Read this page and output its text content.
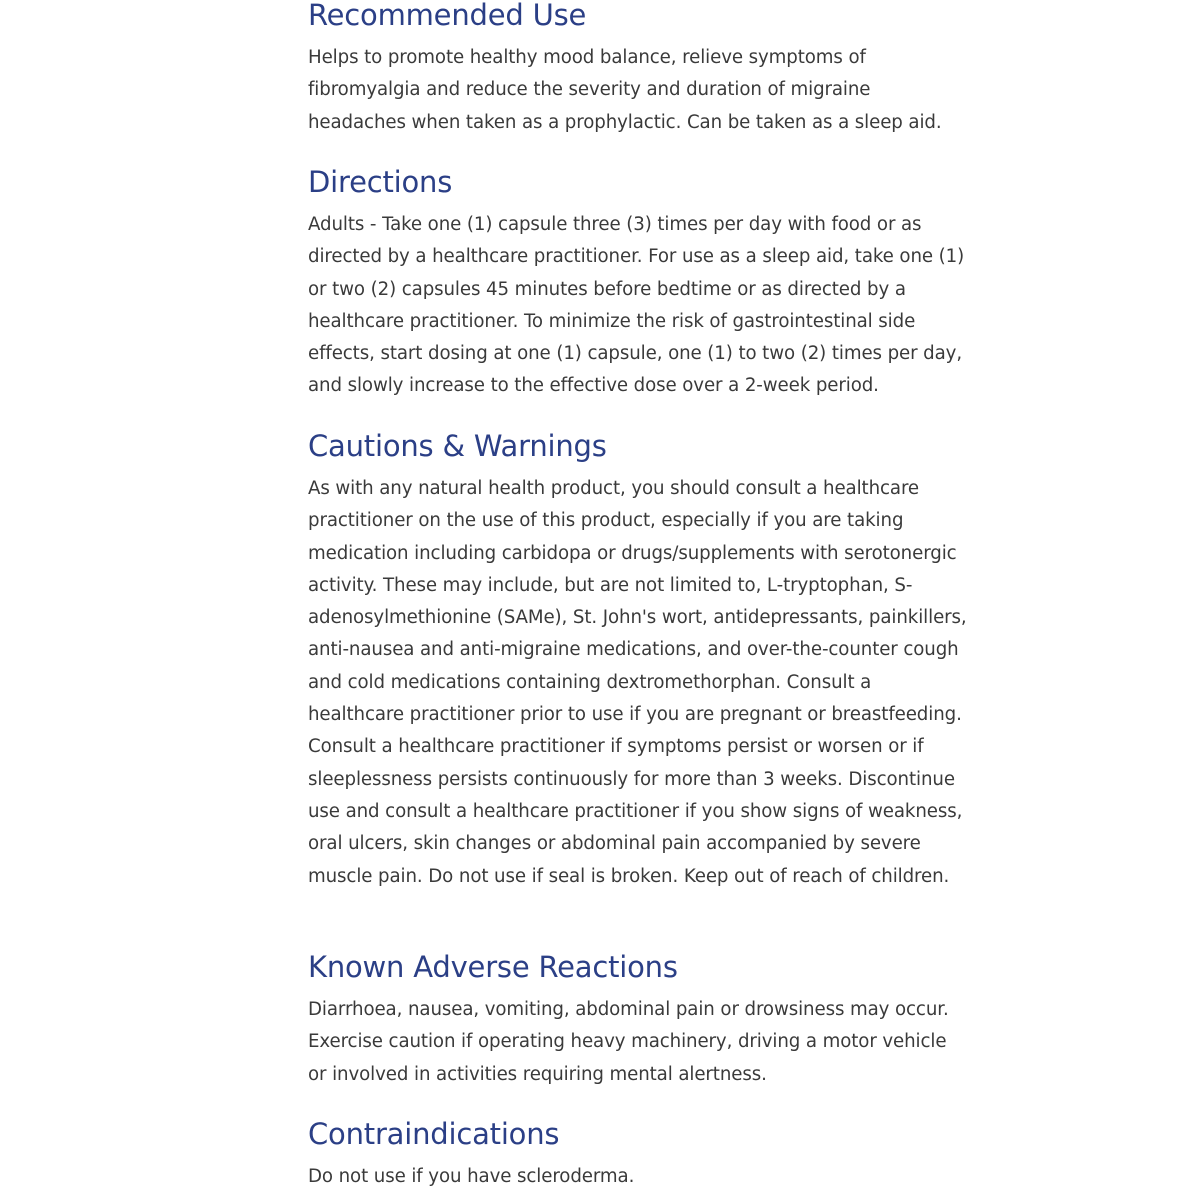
Recommended Use

Helps to promote healthy mood balance, relieve symptoms of fibromyalgia and reduce the severity and duration of migraine headaches when taken as a prophylactic. Can be taken as a sleep aid.

Directions

Adults - Take one (1) capsule three (3) times per day with food or as directed by a healthcare practitioner. For use as a sleep aid, take one (1) or two (2) capsules 45 minutes before bedtime or as directed by a healthcare practitioner. To minimize the risk of gastrointestinal side effects, start dosing at one (1) capsule, one (1) to two (2) times per day, and slowly increase to the effective dose over a 2-week period.

Cautions & Warnings

As with any natural health product, you should consult a healthcare practitioner on the use of this product, especially if you are taking medication including carbidopa or drugs/supplements with serotonergic activity. These may include, but are not limited to, L-tryptophan, S-adenosylmethionine (SAMe), St. John's wort, antidepressants, painkillers, anti-nausea and anti-migraine medications, and over-the-counter cough and cold medications containing dextromethorphan. Consult a healthcare practitioner prior to use if you are pregnant or breastfeeding. Consult a healthcare practitioner if symptoms persist or worsen or if sleeplessness persists continuously for more than 3 weeks. Discontinue use and consult a healthcare practitioner if you show signs of weakness, oral ulcers, skin changes or abdominal pain accompanied by severe muscle pain. Do not use if seal is broken. Keep out of reach of children.

Known Adverse Reactions

Diarrhoea, nausea, vomiting, abdominal pain or drowsiness may occur. Exercise caution if operating heavy machinery, driving a motor vehicle or involved in activities requiring mental alertness.

Contraindications

Do not use if you have scleroderma.
